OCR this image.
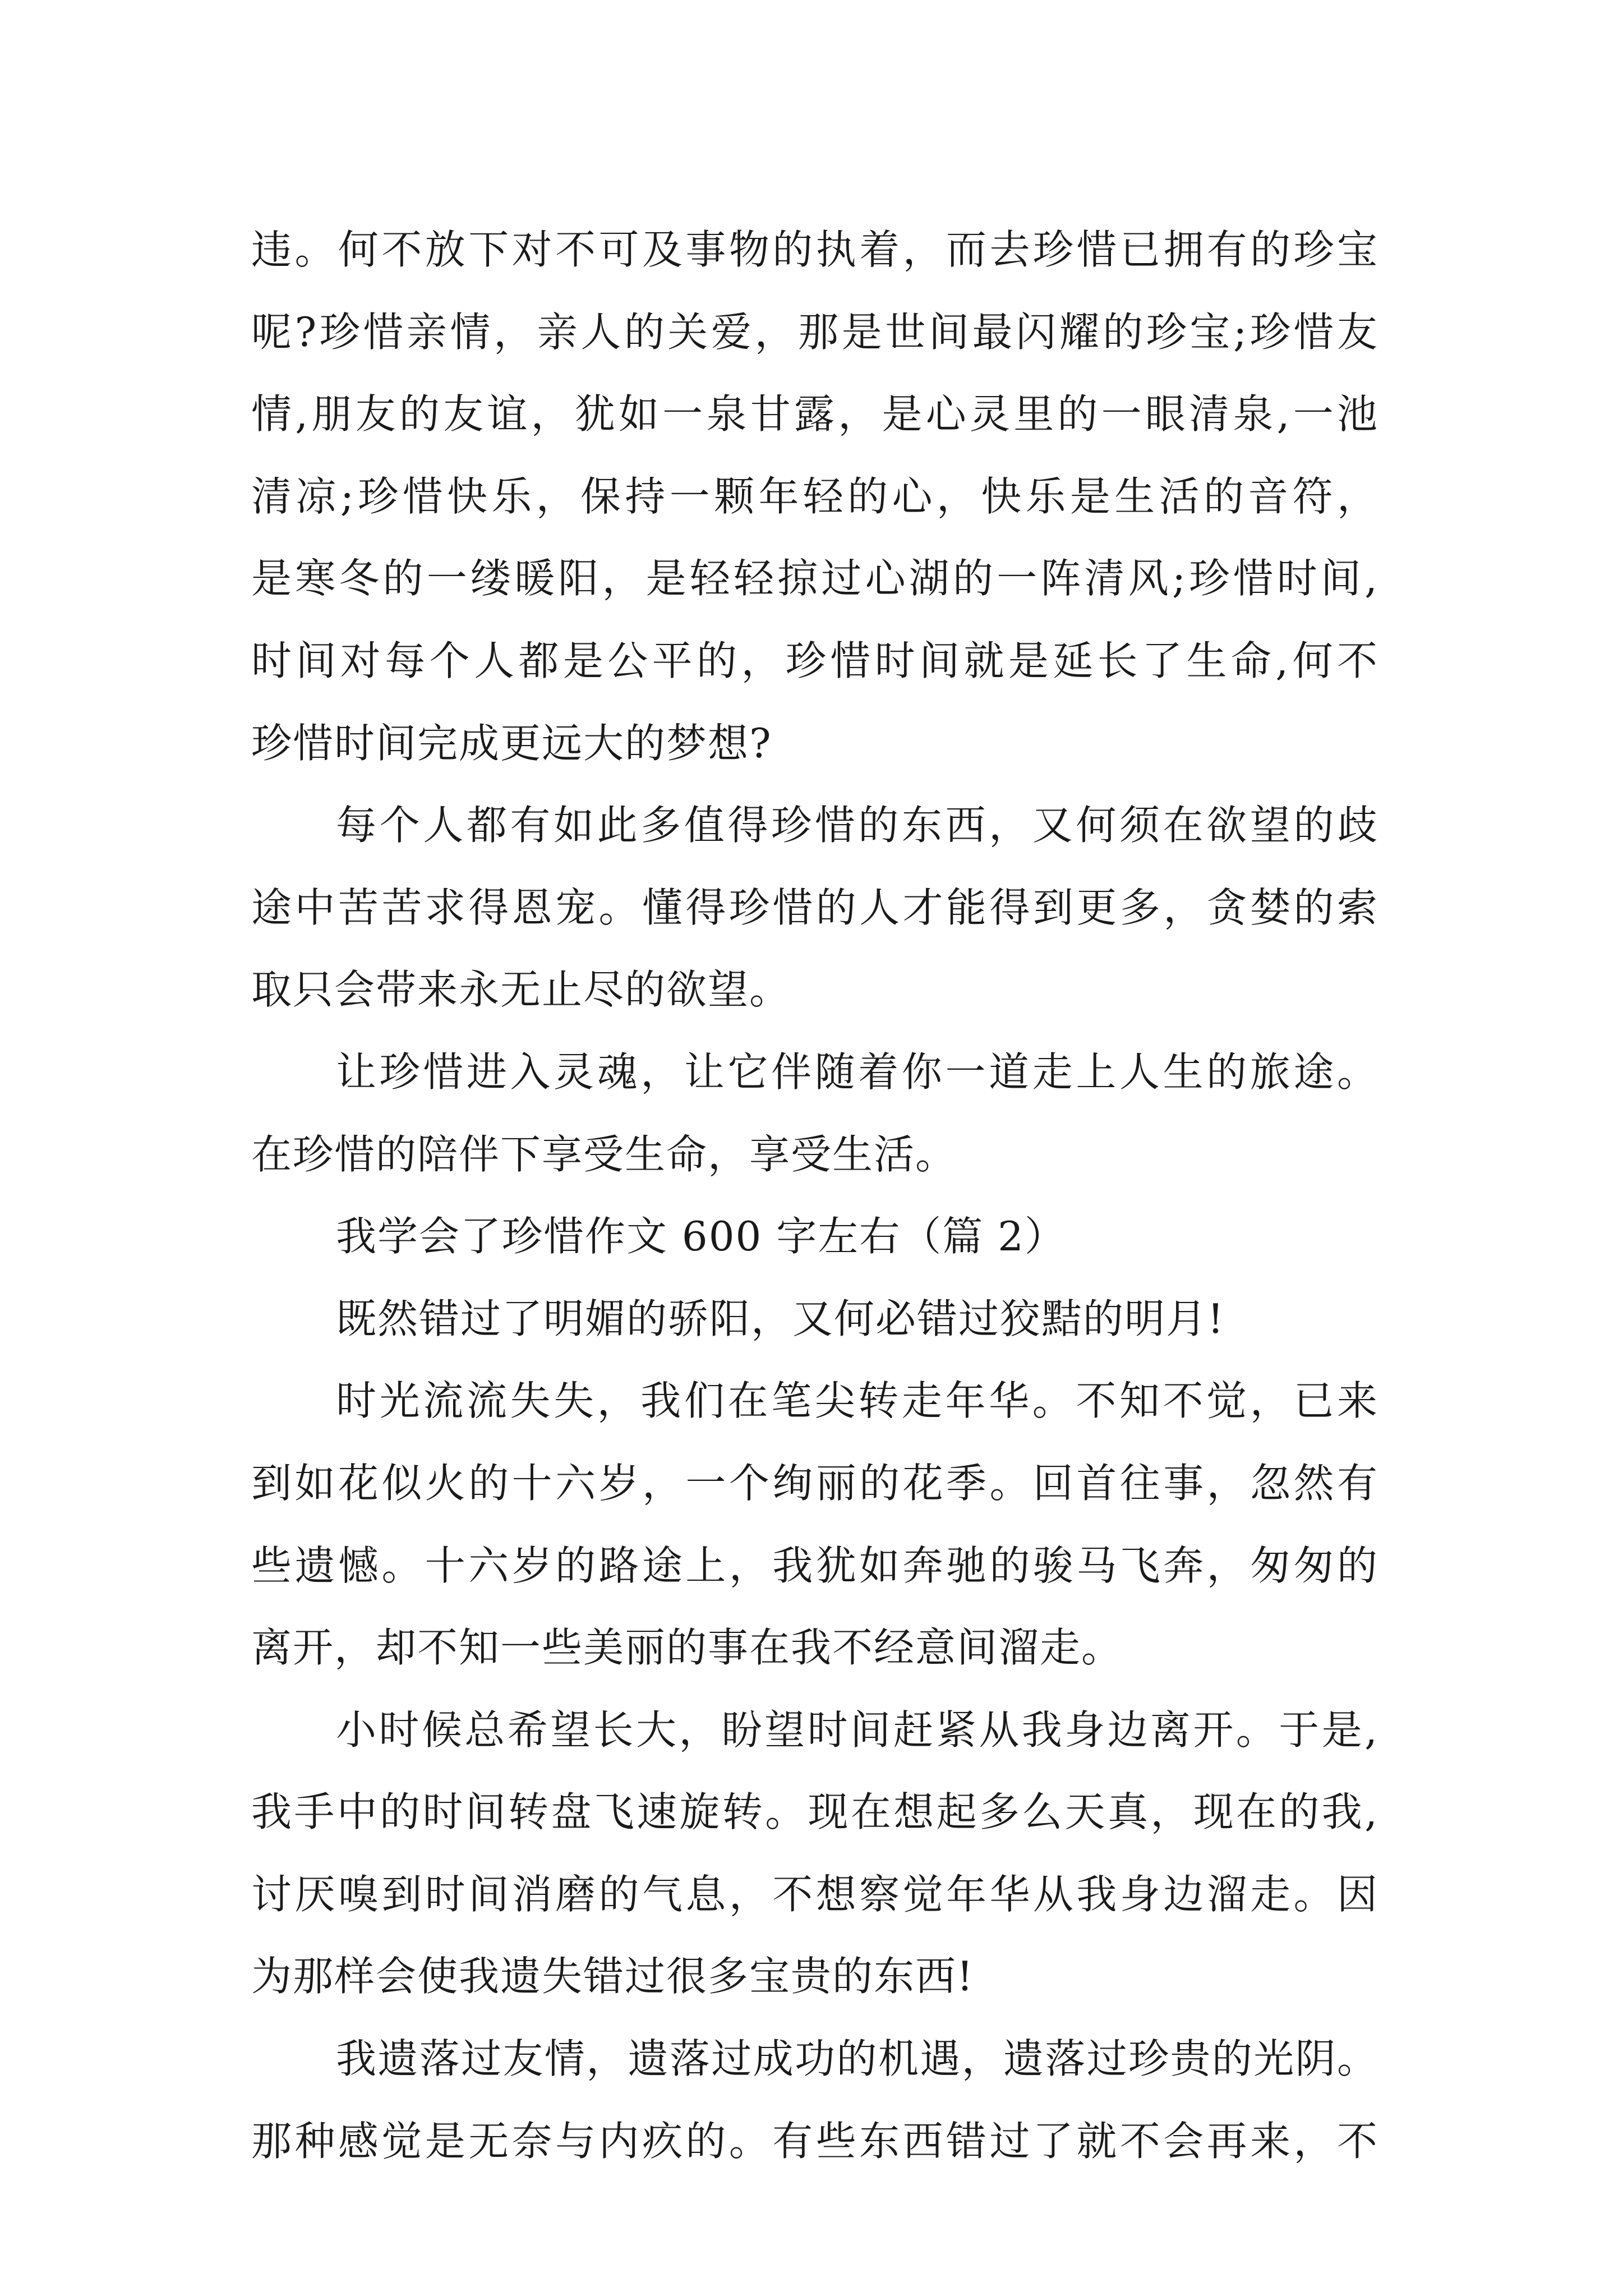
违。何不放下对不可及事物的执着，而去珍惜已拥有的珍宝
呢?珍惜亲情，亲人的关爱，那是世间最闪耀的珍宝;珍惜友
情,朋友的友谊，犹如一泉甘露，是心灵里的一眼清泉,一池
清凉;珍惜快乐，保持一颗年轻的心，快乐是生活的音符，
是寒冬的一缕暖阳，是轻轻掠过心湖的一阵清风;珍惜时间,
时间对每个人都是公平的，珍惜时间就是延长了生命,何不
珍惜时间完成更远大的梦想?
每个人都有如此多值得珍惜的东西，又何须在欲望的歧
途中苦苦求得恩宠。懂得珍惜的人才能得到更多，贪婪的索
取只会带来永无止尽的欲望。
让珍惜进入灵魂，让它伴随着你一道走上人生的旅途。
在珍惜的陪伴下享受生命，享受生活。
我学会了珍惜作文 600 字左右（篇 2）
既然错过了明媚的骄阳，又何必错过狡黠的明月!
时光流流失失，我们在笔尖转走年华。不知不觉，已来
到如花似火的十六岁，一个绚丽的花季。回首往事，忽然有
些遗憾。十六岁的路途上，我犹如奔驰的骏马飞奔，匆匆的
离开，却不知一些美丽的事在我不经意间溜走。
小时候总希望长大，盼望时间赶紧从我身边离开。于是,
我手中的时间转盘飞速旋转。现在想起多么天真，现在的我,
讨厌嗅到时间消磨的气息，不想察觉年华从我身边溜走。因
为那样会使我遗失错过很多宝贵的东西!
我遗落过友情，遗落过成功的机遇，遗落过珍贵的光阴。
那种感觉是无奈与内疚的。有些东西错过了就不会再来，不
